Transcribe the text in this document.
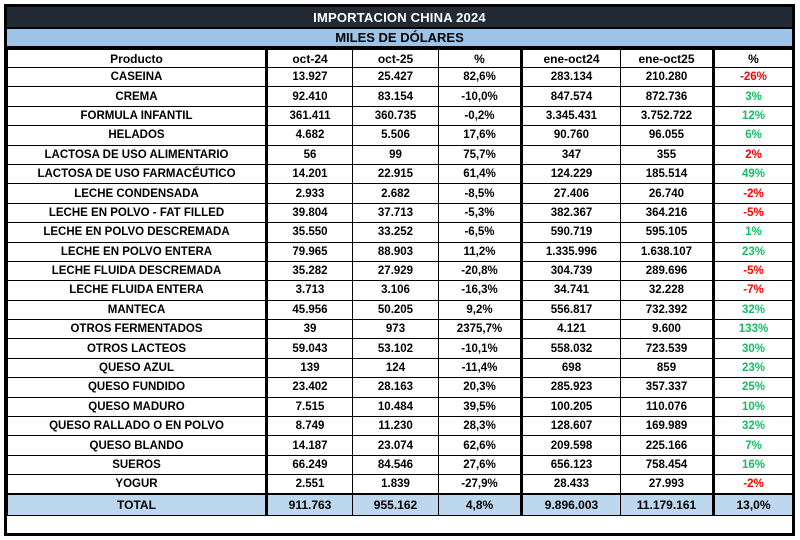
IMPORTACION CHINA 2024
MILES DE DÓLARES
Producto	oct-24	oct-25	%	ene-oct24	ene-oct25	%
CASEINA	13.927	25.427	82,6%	283.134	210.280	-26%
CREMA	92.410	83.154	-10,0%	847.574	872.736	3%
FORMULA INFANTIL	361.411	360.735	-0,2%	3.345.431	3.752.722	12%
HELADOS	4.682	5.506	17,6%	90.760	96.055	6%
LACTOSA DE USO ALIMENTARIO	56	99	75,7%	347	355	2%
LACTOSA DE USO FARMACÉUTICO	14.201	22.915	61,4%	124.229	185.514	49%
LECHE CONDENSADA	2.933	2.682	-8,5%	27.406	26.740	-2%
LECHE EN POLVO - FAT FILLED	39.804	37.713	-5,3%	382.367	364.216	-5%
LECHE EN POLVO DESCREMADA	35.550	33.252	-6,5%	590.719	595.105	1%
LECHE EN POLVO ENTERA	79.965	88.903	11,2%	1.335.996	1.638.107	23%
LECHE FLUIDA DESCREMADA	35.282	27.929	-20,8%	304.739	289.696	-5%
LECHE FLUIDA ENTERA	3.713	3.106	-16,3%	34.741	32.228	-7%
MANTECA	45.956	50.205	9,2%	556.817	732.392	32%
OTROS FERMENTADOS	39	973	2375,7%	4.121	9.600	133%
OTROS LACTEOS	59.043	53.102	-10,1%	558.032	723.539	30%
QUESO AZUL	139	124	-11,4%	698	859	23%
QUESO FUNDIDO	23.402	28.163	20,3%	285.923	357.337	25%
QUESO MADURO	7.515	10.484	39,5%	100.205	110.076	10%
QUESO RALLADO O EN POLVO	8.749	11.230	28,3%	128.607	169.989	32%
QUESO BLANDO	14.187	23.074	62,6%	209.598	225.166	7%
SUEROS	66.249	84.546	27,6%	656.123	758.454	16%
YOGUR	2.551	1.839	-27,9%	28.433	27.993	-2%
TOTAL	911.763	955.162	4,8%	9.896.003	11.179.161	13,0%
